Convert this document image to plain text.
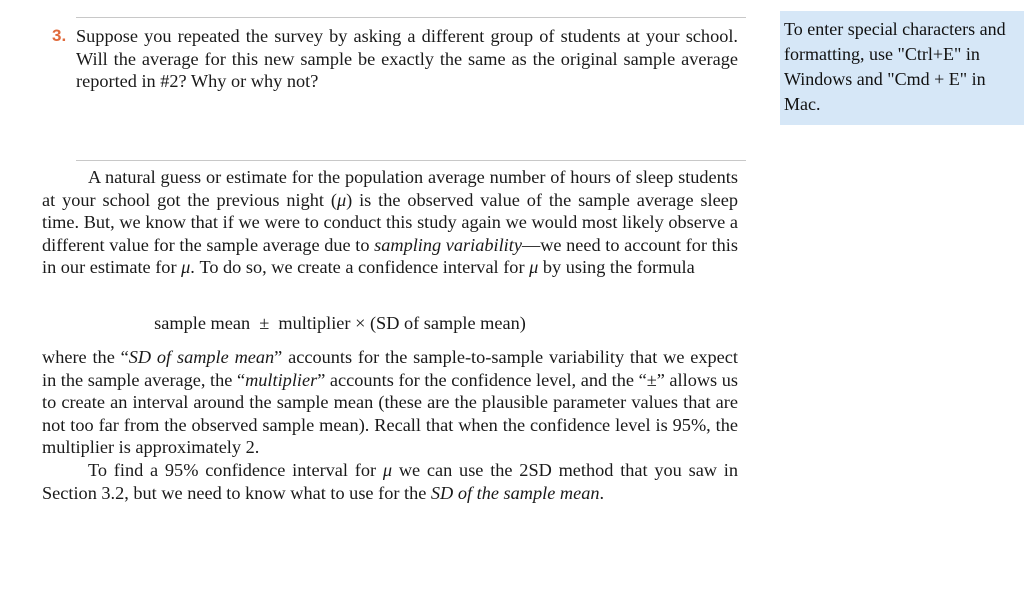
3. Suppose you repeated the survey by asking a different group of students at your school. Will the average for this new sample be exactly the same as the original sample average reported in #2? Why or why not?

A natural guess or estimate for the population average number of hours of sleep students at your school got the previous night (μ) is the observed value of the sample average sleep time. But, we know that if we were to conduct this study again we would most likely observe a different value for the sample average due to sampling variability—we need to account for this in our estimate for μ. To do so, we create a confidence interval for μ by using the formula

sample mean  ±  multiplier × (SD of sample mean)

where the “SD of sample mean” accounts for the sample-to-sample variability that we expect in the sample average, the “multiplier” accounts for the confidence level, and the “±” allows us to create an interval around the sample mean (these are the plausible parameter values that are not too far from the observed sample mean). Recall that when the confidence level is 95%, the multiplier is approximately 2.

To find a 95% confidence interval for μ we can use the 2SD method that you saw in Section 3.2, but we need to know what to use for the SD of the sample mean.

To enter special characters and formatting, use "Ctrl+E" in Windows and "Cmd + E" in Mac.
